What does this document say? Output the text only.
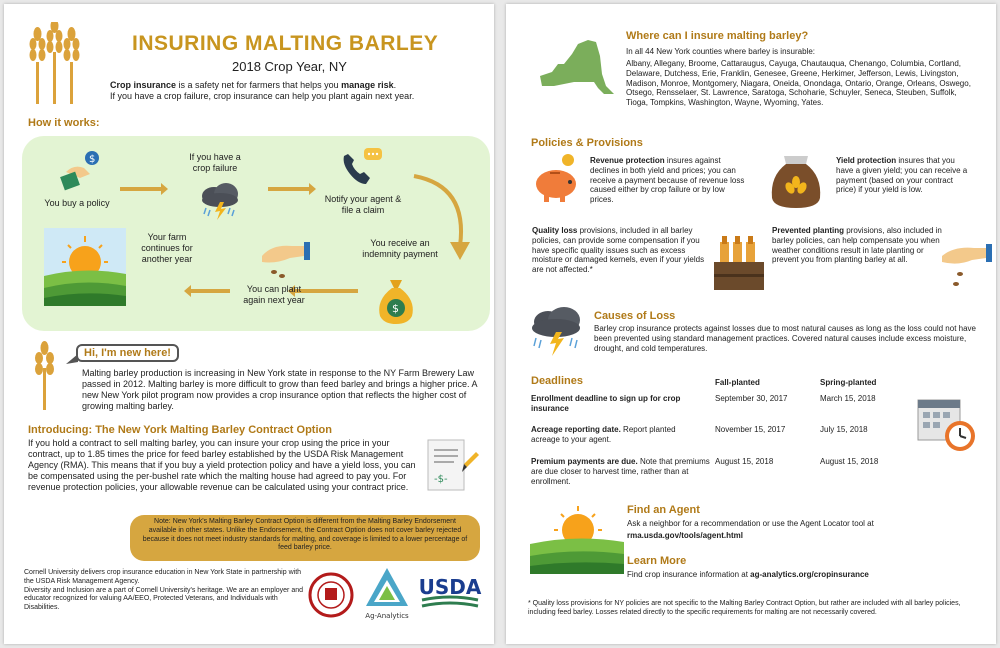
INSURING MALTING BARLEY
2018 Crop Year, NY
Crop insurance is a safety net for farmers that helps you manage risk.
If you have a crop failure, crop insurance can help you plant again next year.
How it works:
$
You buy a policy
If you have a crop failure
Notify your agent & file a claim
You receive an indemnity payment
$
You can plant again next year
Your farm continues for another year
Hi, I'm new here!
Malting barley production is increasing in New York state in response to the NY Farm Brewery Law passed in 2012. Malting barley is more difficult to grow than feed barley and brings a higher price. A new New York pilot program now provides a crop insurance option that reflects the higher cost of growing malting barley.
Introducing: The New York Malting Barley Contract Option
If you hold a contract to sell malting barley, you can insure your crop using the price in your contract, up to 1.85 times the price for feed barley established by the USDA Risk Management Agency (RMA). This means that if you buy a yield protection policy and have a yield loss, you can be compensated using the per-bushel rate which the malting house had agreed to pay you. For revenue protection policies, your allowable revenue can be calculated using your contract price.
-$-
Note: New York's Malting Barley Contract Option is different from the Malting Barley Endorsement available in other states. Unlike the Endorsement, the Contract Option does not cover barley rejected because it does not meet industry standards for malting, and coverage is limited to a lower percentage of feed barley price.
Cornell University delivers crop insurance education in New York State in partnership with the USDA Risk Management Agency.
Diversity and Inclusion are a part of Cornell University's heritage. We are an employer and educator recognized for valuing AA/EEO, Protected Veterans, and Individuals with Disabilities.
Ag-Analytics
USDA
Where can I insure malting barley?
In all 44 New York counties where barley is insurable:
Albany, Allegany, Broome, Cattaraugus, Cayuga, Chautauqua, Chenango, Columbia, Cortland, Delaware, Dutchess, Erie, Franklin, Genesee, Greene, Herkimer, Jefferson, Lewis, Livingston, Madison, Monroe, Montgomery, Niagara, Oneida, Onondaga, Ontario, Orange, Orleans, Oswego, Otsego, Rensselaer, St. Lawrence, Saratoga, Schoharie, Schuyler, Seneca, Steuben, Suffolk, Tioga, Tompkins, Washington, Wayne, Wyoming, Yates.
Policies & Provisions
Revenue protection insures against declines in both yield and prices; you can receive a payment because of revenue loss caused either by crop failure or by low prices.
Yield protection insures that you have a given yield; you can receive a payment (based on your contract price) if your yield is low.
Quality loss provisions, included in all barley policies, can provide some compensation if you have specific quality issues such as excess moisture or damaged kernels, even if your yields are not affected.*
Prevented planting provisions, also included in barley policies, can help compensate you when weather conditions result in late planting or prevent you from planting barley at all.
Causes of Loss
Barley crop insurance protects against losses due to most natural causes as long as the loss could not have been prevented using standard management practices. Covered natural causes include excess moisture, drought, and cold temperatures.
Deadlines	Fall-planted	Spring-planted
Enrollment deadline to sign up for crop insurance
September 30, 2017	March 15, 2018
Acreage reporting date. Report planted acreage to your agent.
November 15, 2017	July 15, 2018
Premium payments are due. Note that premiums are due closer to harvest time, rather than at enrollment.
August 15, 2018	August 15, 2018
Find an Agent
Ask a neighbor for a recommendation or use the Agent Locator tool at
rma.usda.gov/tools/agent.html
Learn More
Find crop insurance information at ag-analytics.org/cropinsurance
* Quality loss provisions for NY policies are not specific to the Malting Barley Contract Option, but rather are included with all barley policies, including feed barley. Losses related directly to the specific requirements for malting are not necessarily covered.
